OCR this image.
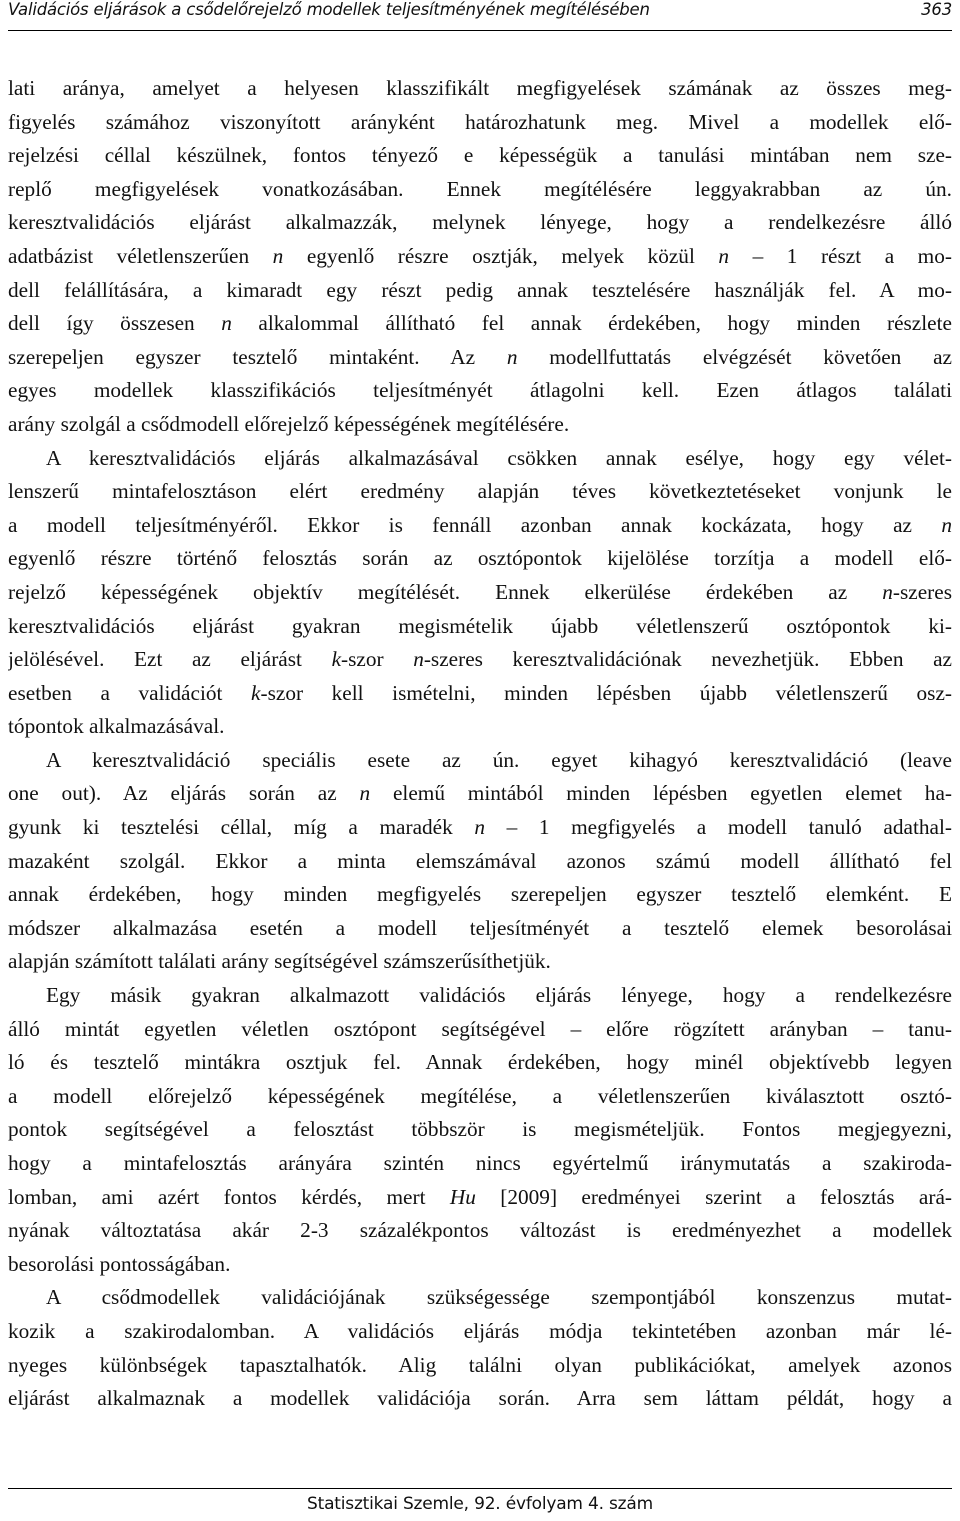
Validációs eljárások a csődelőrejelző modellek teljesítményének megítélésében	363
lati aránya, amelyet a helyesen klasszifikált megfigyelések számának az összes meg-
figyelés számához viszonyított arányként határozhatunk meg. Mivel a modellek elő-
rejelzési céllal készülnek, fontos tényező e képességük a tanulási mintában nem sze-
replő megfigyelések vonatkozásában. Ennek megítélésére leggyakrabban az ún.
keresztvalidációs eljárást alkalmazzák, melynek lényege, hogy a rendelkezésre álló
adatbázist véletlenszerűen n egyenlő részre osztják, melyek közül n – 1 részt a mo-
dell felállítására, a kimaradt egy részt pedig annak tesztelésére használják fel. A mo-
dell így összesen n alkalommal állítható fel annak érdekében, hogy minden részlete
szerepeljen egyszer tesztelő mintaként. Az n modellfuttatás elvégzését követően az
egyes modellek klasszifikációs teljesítményét átlagolni kell. Ezen átlagos találati
arány szolgál a csődmodell előrejelző képességének megítélésére.
A keresztvalidációs eljárás alkalmazásával csökken annak esélye, hogy egy vélet-
lenszerű mintafelosztáson elért eredmény alapján téves következtetéseket vonjunk le
a modell teljesítményéről. Ekkor is fennáll azonban annak kockázata, hogy az n
egyenlő részre történő felosztás során az osztópontok kijelölése torzítja a modell elő-
rejelző képességének objektív megítélését. Ennek elkerülése érdekében az n-szeres
keresztvalidációs eljárást gyakran megismételik újabb véletlenszerű osztópontok ki-
jelölésével. Ezt az eljárást k-szor n-szeres keresztvalidációnak nevezhetjük. Ebben az
esetben a validációt k-szor kell ismételni, minden lépésben újabb véletlenszerű osz-
tópontok alkalmazásával.
A keresztvalidáció speciális esete az ún. egyet kihagyó keresztvalidáció (leave
one out). Az eljárás során az n elemű mintából minden lépésben egyetlen elemet ha-
gyunk ki tesztelési céllal, míg a maradék n – 1 megfigyelés a modell tanuló adathal-
mazaként szolgál. Ekkor a minta elemszámával azonos számú modell állítható fel
annak érdekében, hogy minden megfigyelés szerepeljen egyszer tesztelő elemként. E
módszer alkalmazása esetén a modell teljesítményét a tesztelő elemek besorolásai
alapján számított találati arány segítségével számszerűsíthetjük.
Egy másik gyakran alkalmazott validációs eljárás lényege, hogy a rendelkezésre
álló mintát egyetlen véletlen osztópont segítségével – előre rögzített arányban – tanu-
ló és tesztelő mintákra osztjuk fel. Annak érdekében, hogy minél objektívebb legyen
a modell előrejelző képességének megítélése, a véletlenszerűen kiválasztott osztó-
pontok segítségével a felosztást többször is megismételjük. Fontos megjegyezni,
hogy a mintafelosztás arányára szintén nincs egyértelmű iránymutatás a szakiroda-
lomban, ami azért fontos kérdés, mert Hu [2009] eredményei szerint a felosztás ará-
nyának változtatása akár 2-3 százalékpontos változást is eredményezhet a modellek
besorolási pontosságában.
A csődmodellek validációjának szükségessége szempontjából konszenzus mutat-
kozik a szakirodalomban. A validációs eljárás módja tekintetében azonban már lé-
nyeges különbségek tapasztalhatók. Alig találni olyan publikációkat, amelyek azonos
eljárást alkalmaznak a modellek validációja során. Arra sem láttam példát, hogy a
Statisztikai Szemle, 92. évfolyam 4. szám
